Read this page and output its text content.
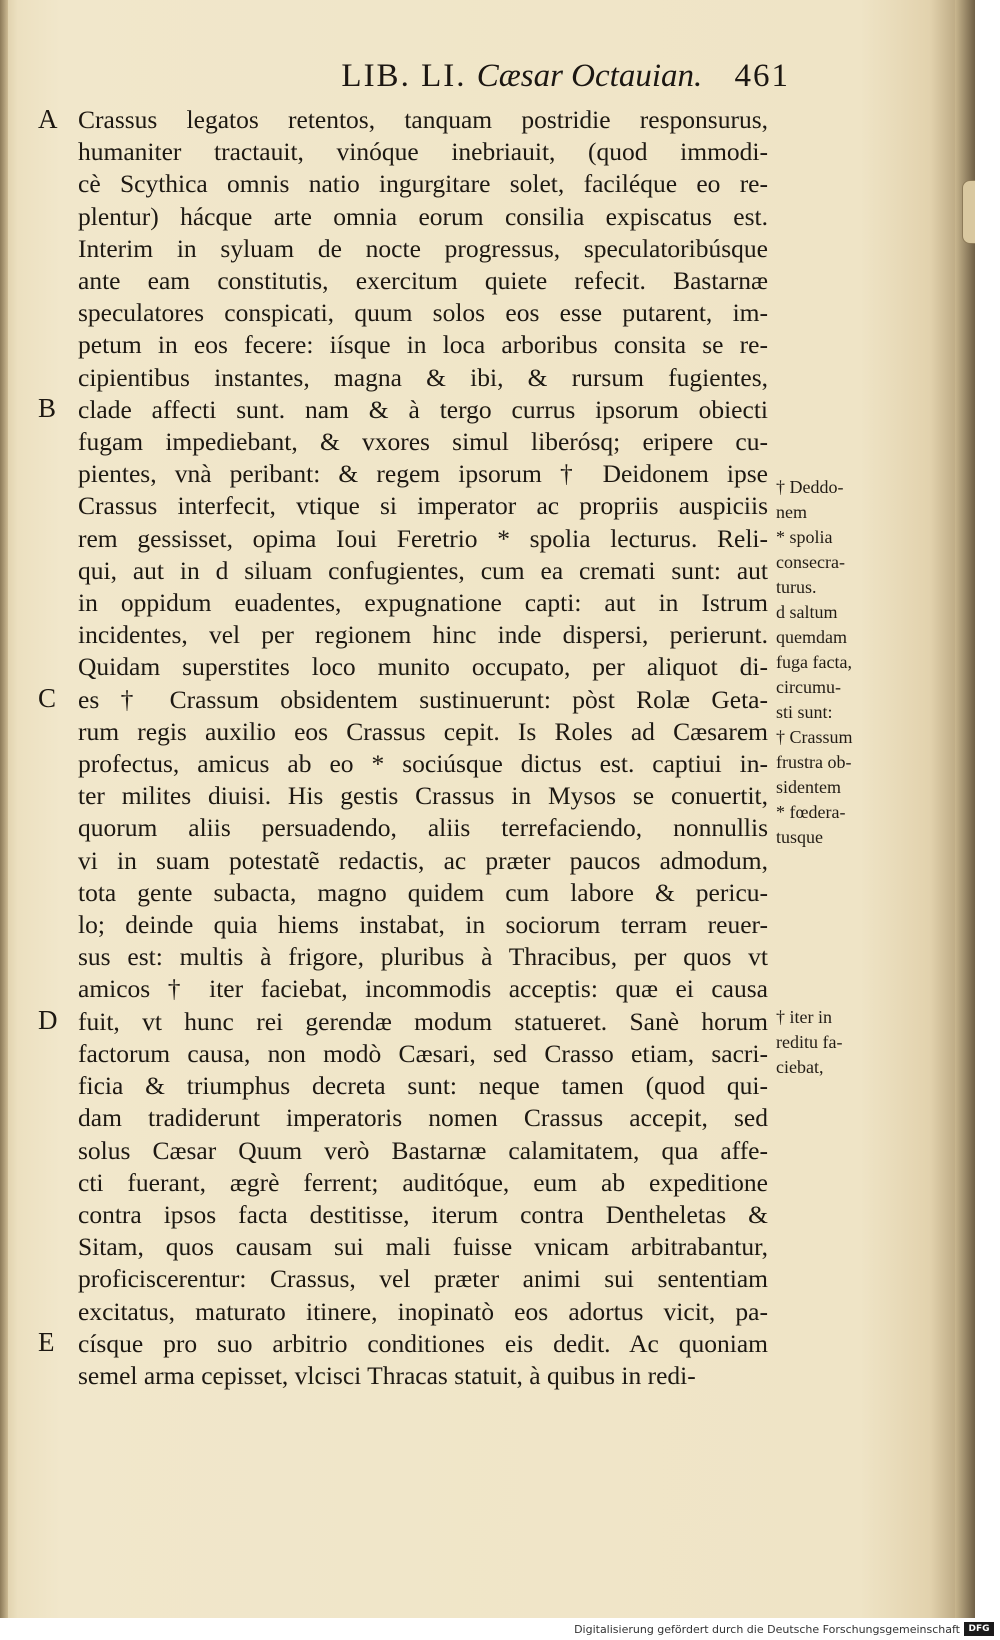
LIB. LI. Cæsar Octauian. 461
A
B
C
D
E
Crassus legatos retentos, tanquam postridie responsurus,
humaniter tractauit, vinóque inebriauit, (quod immodi-
cè Scythica omnis natio ingurgitare solet, faciléque eo re-
plentur) hácque arte omnia eorum consilia expiscatus est.
Interim in syluam de nocte progressus, speculatoribúsque
ante eam constitutis, exercitum quiete refecit. Bastarnæ
speculatores conspicati, quum solos eos esse putarent, im-
petum in eos fecere: iísque in loca arboribus consita se re-
cipientibus instantes, magna & ibi, & rursum fugientes,
clade affecti sunt. nam & à tergo currus ipsorum obiecti
fugam impediebant, & vxores simul liberósq; eripere cu-
pientes, vnà peribant: & regem ipsorum † Deidonem ipse
Crassus interfecit, vtique si imperator ac propriis auspiciis
rem gessisset, opima Ioui Feretrio * spolia lecturus. Reli-
qui, aut in d siluam confugientes, cum ea cremati sunt: aut
in oppidum euadentes, expugnatione capti: aut in Istrum
incidentes, vel per regionem hinc inde dispersi, perierunt.
Quidam superstites loco munito occupato, per aliquot di-
es † Crassum obsidentem sustinuerunt: pòst Rolæ Geta-
rum regis auxilio eos Crassus cepit. Is Roles ad Cæsarem
profectus, amicus ab eo * sociúsque dictus est. captiui in-
ter milites diuisi. His gestis Crassus in Mysos se conuertit,
quorum aliis persuadendo, aliis terrefaciendo, nonnullis
vi in suam potestatẽ redactis, ac præter paucos admodum,
tota gente subacta, magno quidem cum labore & pericu-
lo; deinde quia hiems instabat, in sociorum terram reuer-
sus est: multis à frigore, pluribus à Thracibus, per quos vt
amicos † iter faciebat, incommodis acceptis: quæ ei causa
fuit, vt hunc rei gerendæ modum statueret. Sanè horum
factorum causa, non modò Cæsari, sed Crasso etiam, sacri-
ficia & triumphus decreta sunt: neque tamen (quod qui-
dam tradiderunt imperatoris nomen Crassus accepit, sed
solus Cæsar Quum verò Bastarnæ calamitatem, qua affe-
cti fuerant, ægrè ferrent; auditóque, eum ab expeditione
contra ipsos facta destitisse, iterum contra Dentheletas &
Sitam, quos causam sui mali fuisse vnicam arbitrabantur,
proficiscerentur: Crassus, vel præter animi sui sententiam
excitatus, maturato itinere, inopinatò eos adortus vicit, pa-
císque pro suo arbitrio conditiones eis dedit. Ac quoniam
semel arma cepisset, vlcisci Thracas statuit, à quibus in redi-
† Deddo-
nem
* spolia
consecra-
turus.
d saltum
quemdam
fuga facta,
circumu-
sti sunt:
† Crassum
frustra ob-
sidentem
* fœdera-
tusque
† iter in
reditu fa-
ciebat,
Digitalisierung gefördert durch die Deutsche Forschungsgemeinschaft DFG
